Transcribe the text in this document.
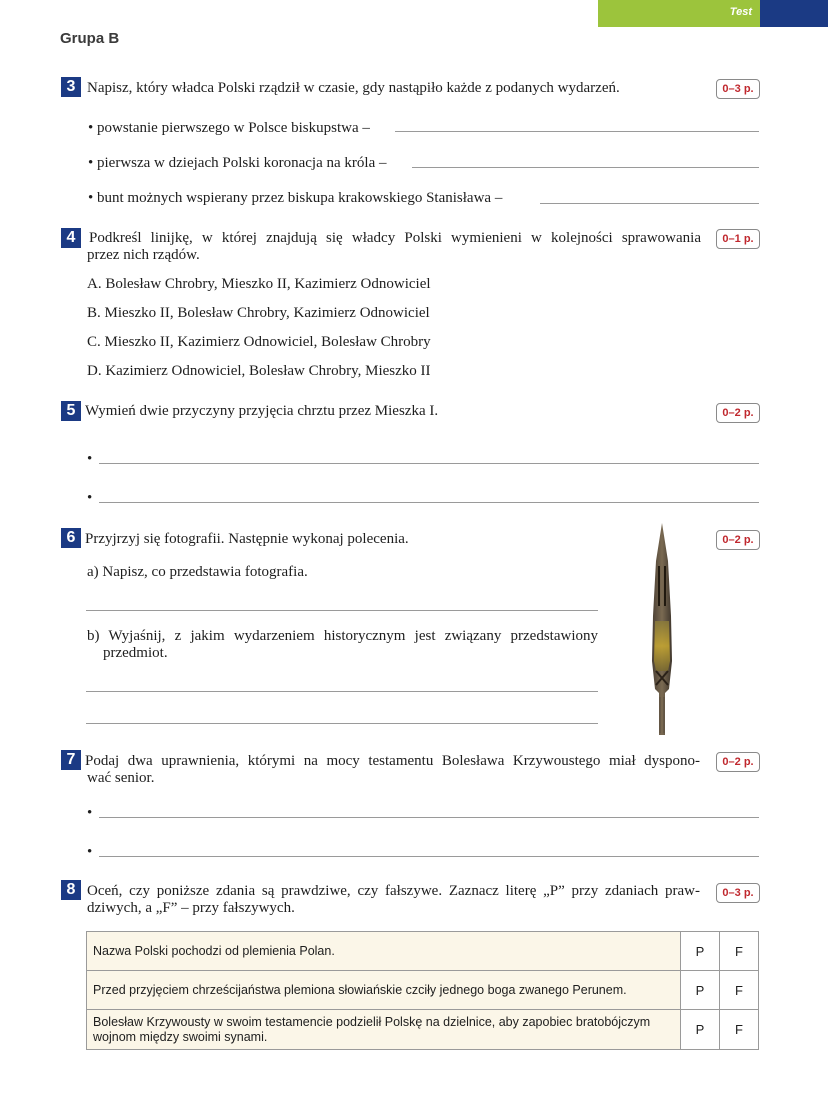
Test
Grupa B
3 Napisz, który władca Polski rządził w czasie, gdy nastąpiło każde z podanych wydarzeń.	0–3 p.
• powstanie pierwszego w Polsce biskupstwa –
• pierwsza w dziejach Polski koronacja na króla –
• bunt możnych wspierany przez biskupa krakowskiego Stanisława –
4 Podkreśl linijkę, w której znajdują się władcy Polski wymienieni w kolejności sprawowania
przez nich rządów.
0–1 p.
A. Bolesław Chrobry, Mieszko II, Kazimierz Odnowiciel
B. Mieszko II, Bolesław Chrobry, Kazimierz Odnowiciel
C. Mieszko II, Kazimierz Odnowiciel, Bolesław Chrobry
D. Kazimierz Odnowiciel, Bolesław Chrobry, Mieszko II
5 Wymień dwie przyczyny przyjęcia chrztu przez Mieszka I.	0–2 p.
•
•
6 Przyjrzyj się fotografii. Następnie wykonaj polecenia.	0–2 p.
a) Napisz, co przedstawia fotografia.
b) Wyjaśnij, z jakim wydarzeniem historycznym jest związany przedstawiony
przedmiot.
7 Podaj dwa uprawnienia, którymi na mocy testamentu Bolesława Krzywoustego miał dyspono-
wać senior.
0–2 p.
•
•
8 Oceń, czy poniższe zdania są prawdziwe, czy fałszywe. Zaznacz literę „P” przy zdaniach praw-
dziwych, a „F” – przy fałszywych.
0–3 p.
Nazwa Polski pochodzi od plemienia Polan.	P	F
Przed przyjęciem chrześcijaństwa plemiona słowiańskie czciły jednego boga zwanego Perunem.	P	F
Bolesław Krzywousty w swoim testamencie podzielił Polskę na dzielnice, aby zapobiec bratobójczym wojnom między swoimi synami.	P	F
